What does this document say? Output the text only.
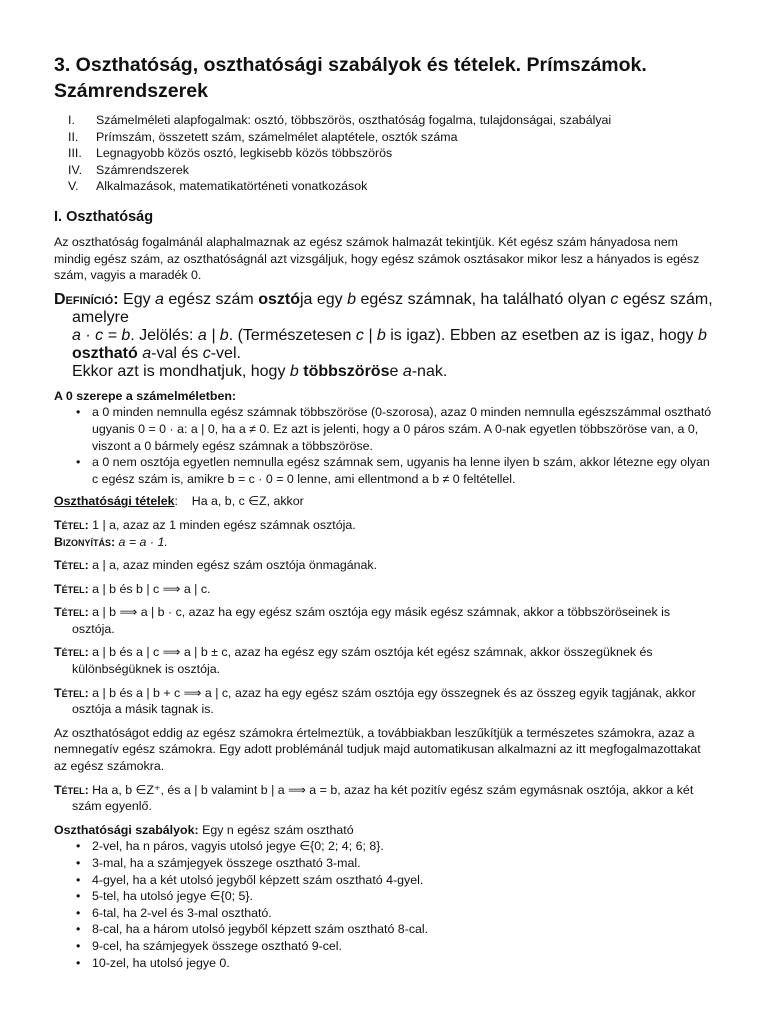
3. Oszthatóság, oszthatósági szabályok és tételek. Prímszámok. Számrendszerek
I.	Számelméleti alapfogalmak: osztó, többszörös, oszthatóság fogalma, tulajdonságai, szabályai
II.	Prímszám, összetett szám, számelmélet alaptétele, osztók száma
III.	Legnagyobb közös osztó, legkisebb közös többszörös
IV.	Számrendszerek
V.	Alkalmazások, matematikatörténeti vonatkozások
I. Oszthatóság

Az oszthatóság fogalmánál alaphalmaznak az egész számok halmazát tekintjük. Két egész szám hányadosa nem mindig egész szám, az oszthatóságnál azt vizsgáljuk, hogy egész számok osztásakor mikor lesz a hányados is egész szám, vagyis a maradék 0.

Definíció: Egy a egész szám osztója egy b egész számnak, ha található olyan c egész szám, amelyre
a · c = b. Jelölés: a | b. (Természetesen c | b is igaz). Ebben az esetben az is igaz, hogy b osztható a-val és c-vel.
Ekkor azt is mondhatjuk, hogy b többszöröse a-nak.

A 0 szerepe a számelméletben:

• a 0 minden nemnulla egész számnak többszöröse (0-szorosa), azaz 0 minden nemnulla egészszámmal osztható ugyanis 0 = 0 · a: a | 0, ha a ≠ 0. Ez azt is jelenti, hogy a 0 páros szám. A 0-nak egyetlen többszöröse van, a 0, viszont a 0 bármely egész számnak a többszöröse.
• a 0 nem osztója egyetlen nemnulla egész számnak sem, ugyanis ha lenne ilyen b szám, akkor létezne egy olyan c egész szám is, amikre b = c · 0 = 0 lenne, ami ellentmond a b ≠ 0 feltétellel.

Oszthatósági tételek: Ha a, b, c ∈Z, akkor

Tétel: 1 | a, azaz az 1 minden egész számnak osztója.

Bizonyítás: a = a · 1.

Tétel: a | a, azaz minden egész szám osztója önmagának.

Tétel: a | b és b | c ⟹ a | c.

Tétel: a | b ⟹ a | b · c, azaz ha egy egész szám osztója egy másik egész számnak, akkor a többszöröseinek is osztója.

Tétel: a | b és a | c ⟹ a | b ± c, azaz ha egész egy szám osztója két egész számnak, akkor összegüknek és különbségüknek is osztója.

Tétel: a | b és a | b + c ⟹ a | c, azaz ha egy egész szám osztója egy összegnek és az összeg egyik tagjának, akkor osztója a másik tagnak is.

Az oszthatóságot eddig az egész számokra értelmeztük, a továbbiakban leszűkítjük a természetes számokra, azaz a nemnegatív egész számokra. Egy adott problémánál tudjuk majd automatikusan alkalmazni az itt megfogalmazottakat az egész számokra.

Tétel: Ha a, b ∈Z⁺, és a | b valamint b | a ⟹ a = b, azaz ha két pozitív egész szám egymásnak osztója, akkor a két szám egyenlő.

Oszthatósági szabályok: Egy n egész szám osztható

• 2-vel, ha n páros, vagyis utolsó jegye ∈{0; 2; 4; 6; 8}.
• 3-mal, ha a számjegyek összege osztható 3-mal.
• 4-gyel, ha a két utolsó jegyből képzett szám osztható 4-gyel.
• 5-tel, ha utolsó jegye ∈{0; 5}.
• 6-tal, ha 2-vel és 3-mal osztható.
• 8-cal, ha a három utolsó jegyből képzett szám osztható 8-cal.
• 9-cel, ha számjegyek összege osztható 9-cel.
• 10-zel, ha utolsó jegye 0.
